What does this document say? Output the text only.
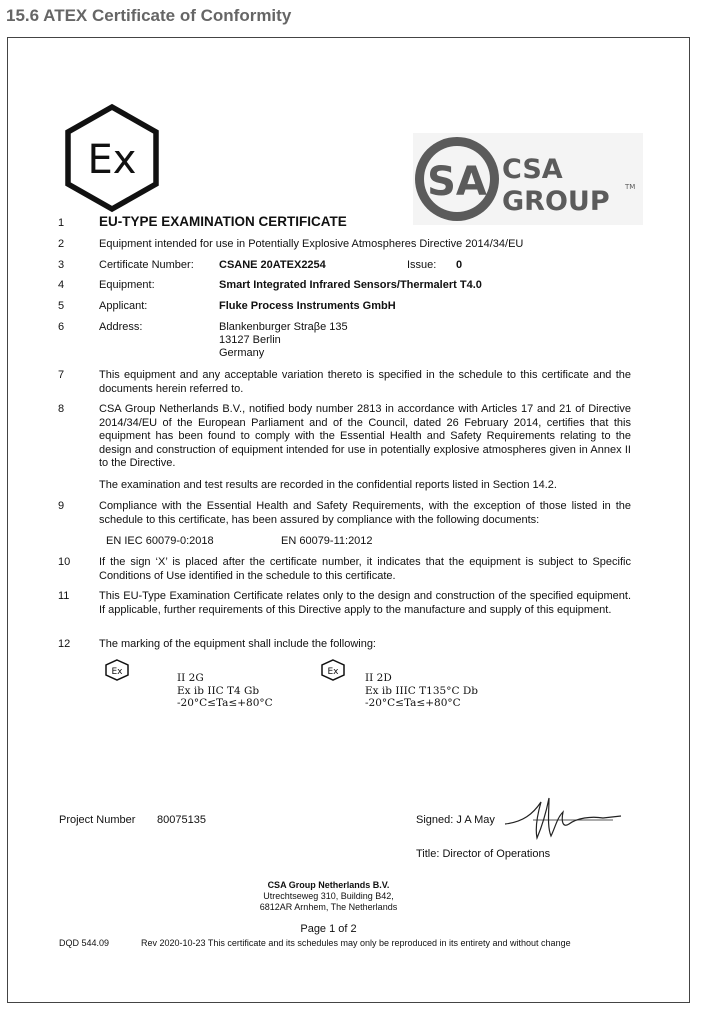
15.6 ATEX Certificate of Conformity
Ex	SA CSA
GROUP TM
1	EU-TYPE EXAMINATION CERTIFICATE
2	Equipment intended for use in Potentially Explosive Atmospheres Directive 2014/34/EU
3	Certificate Number: CSANE 20ATEX2254	Issue: 0
4	Equipment:	Smart Integrated Infrared Sensors/Thermalert T4.0
5	Applicant:	Fluke Process Instruments GmbH
6	Address:	Blankenburger Straβe 135
13127 Berlin
Germany
7	This equipment and any acceptable variation thereto is specified in the schedule to this certificate and the documents herein referred to.
8	CSA Group Netherlands B.V., notified body number 2813 in accordance with Articles 17 and 21 of Directive 2014/34/EU of the European Parliament and of the Council, dated 26 February 2014, certifies that this equipment has been found to comply with the Essential Health and Safety Requirements relating to the design and construction of equipment intended for use in potentially explosive atmospheres given in Annex II to the Directive.
The examination and test results are recorded in the confidential reports listed in Section 14.2.
9	Compliance with the Essential Health and Safety Requirements, with the exception of those listed in the schedule to this certificate, has been assured by compliance with the following documents:
EN IEC 60079-0:2018	EN 60079-11:2012
10	If the sign ‘X’ is placed after the certificate number, it indicates that the equipment is subject to Specific Conditions of Use identified in the schedule to this certificate.
11	This EU-Type Examination Certificate relates only to the design and construction of the specified equipment. If applicable, further requirements of this Directive apply to the manufacture and supply of this equipment.
12	The marking of the equipment shall include the following:
Ex	II 2G
Ex ib IIC T4 Gb
-20°C≤Ta≤+80°C
Ex	II 2D
Ex ib IIIC T135°C Db
-20°C≤Ta≤+80°C
Project Number 80075135	Signed: J A May
Title: Director of Operations
CSA Group Netherlands B.V.
Utrechtseweg 310, Building B42,
6812AR Arnhem, The Netherlands
Page 1 of 2
DQD 544.09	Rev 2020-10-23 This certificate and its schedules may only be reproduced in its entirety and without change
